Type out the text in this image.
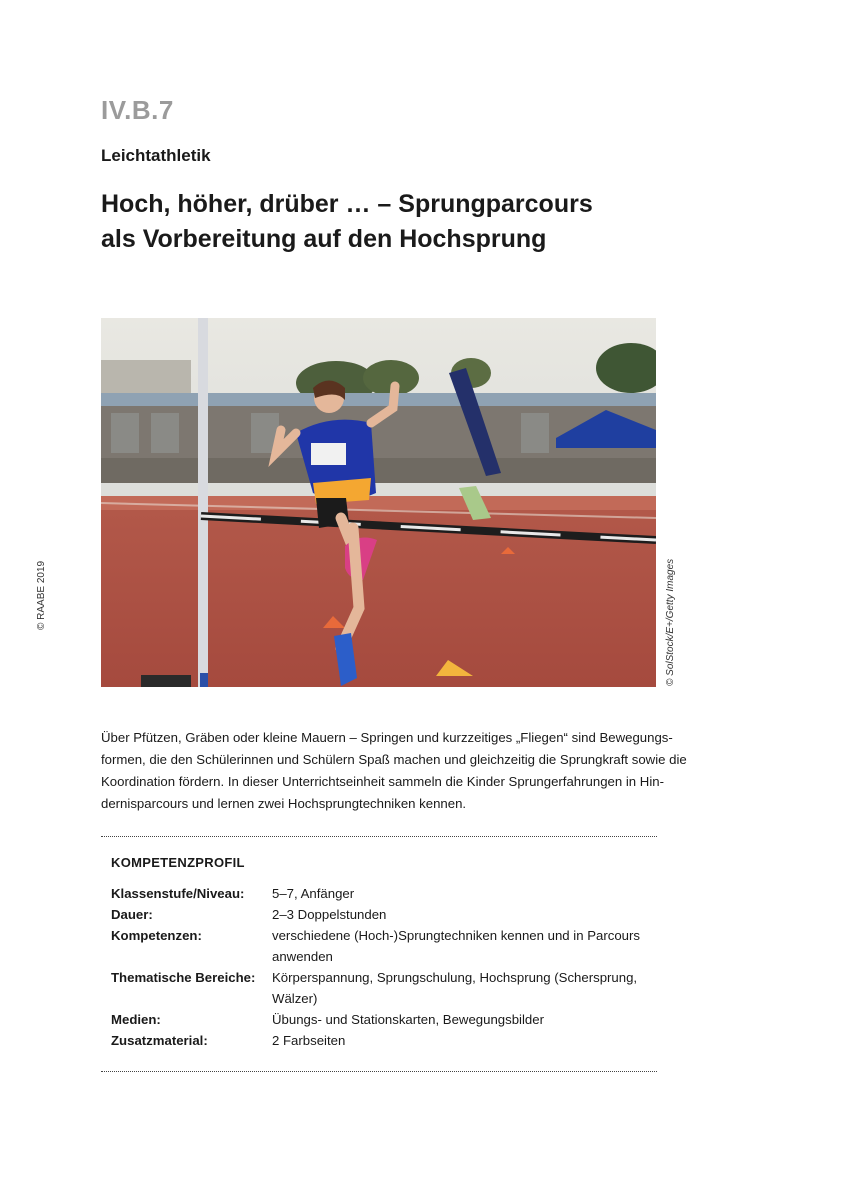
IV.B.7
Leichtathletik
Hoch, höher, drüber … – Sprungparcours
als Vorbereitung auf den Hochsprung
© RAABE 2019	© SolStock/E+/Getty Images

Über Pfützen, Gräben oder kleine Mauern – Springen und kurzzeitiges „Fliegen“ sind Bewegungs-
formen, die den Schülerinnen und Schülern Spaß machen und gleichzeitig die Sprungkraft sowie die
Koordination fördern. In dieser Unterrichtseinheit sammeln die Kinder Sprungerfahrungen in Hin-
dernisparcours und lernen zwei Hochsprungtechniken kennen.

KOMPETENZPROFIL
Klassenstufe/Niveau:	5–7, Anfänger
Dauer:	2–3 Doppelstunden
Kompetenzen:	verschiedene (Hoch-)Sprungtechniken kennen und in Parcours
anwenden
Thematische Bereiche:	Körperspannung, Sprungschulung, Hochsprung (Schersprung,
Wälzer)
Medien:	Übungs- und Stationskarten, Bewegungsbilder
Zusatzmaterial:	2 Farbseiten
